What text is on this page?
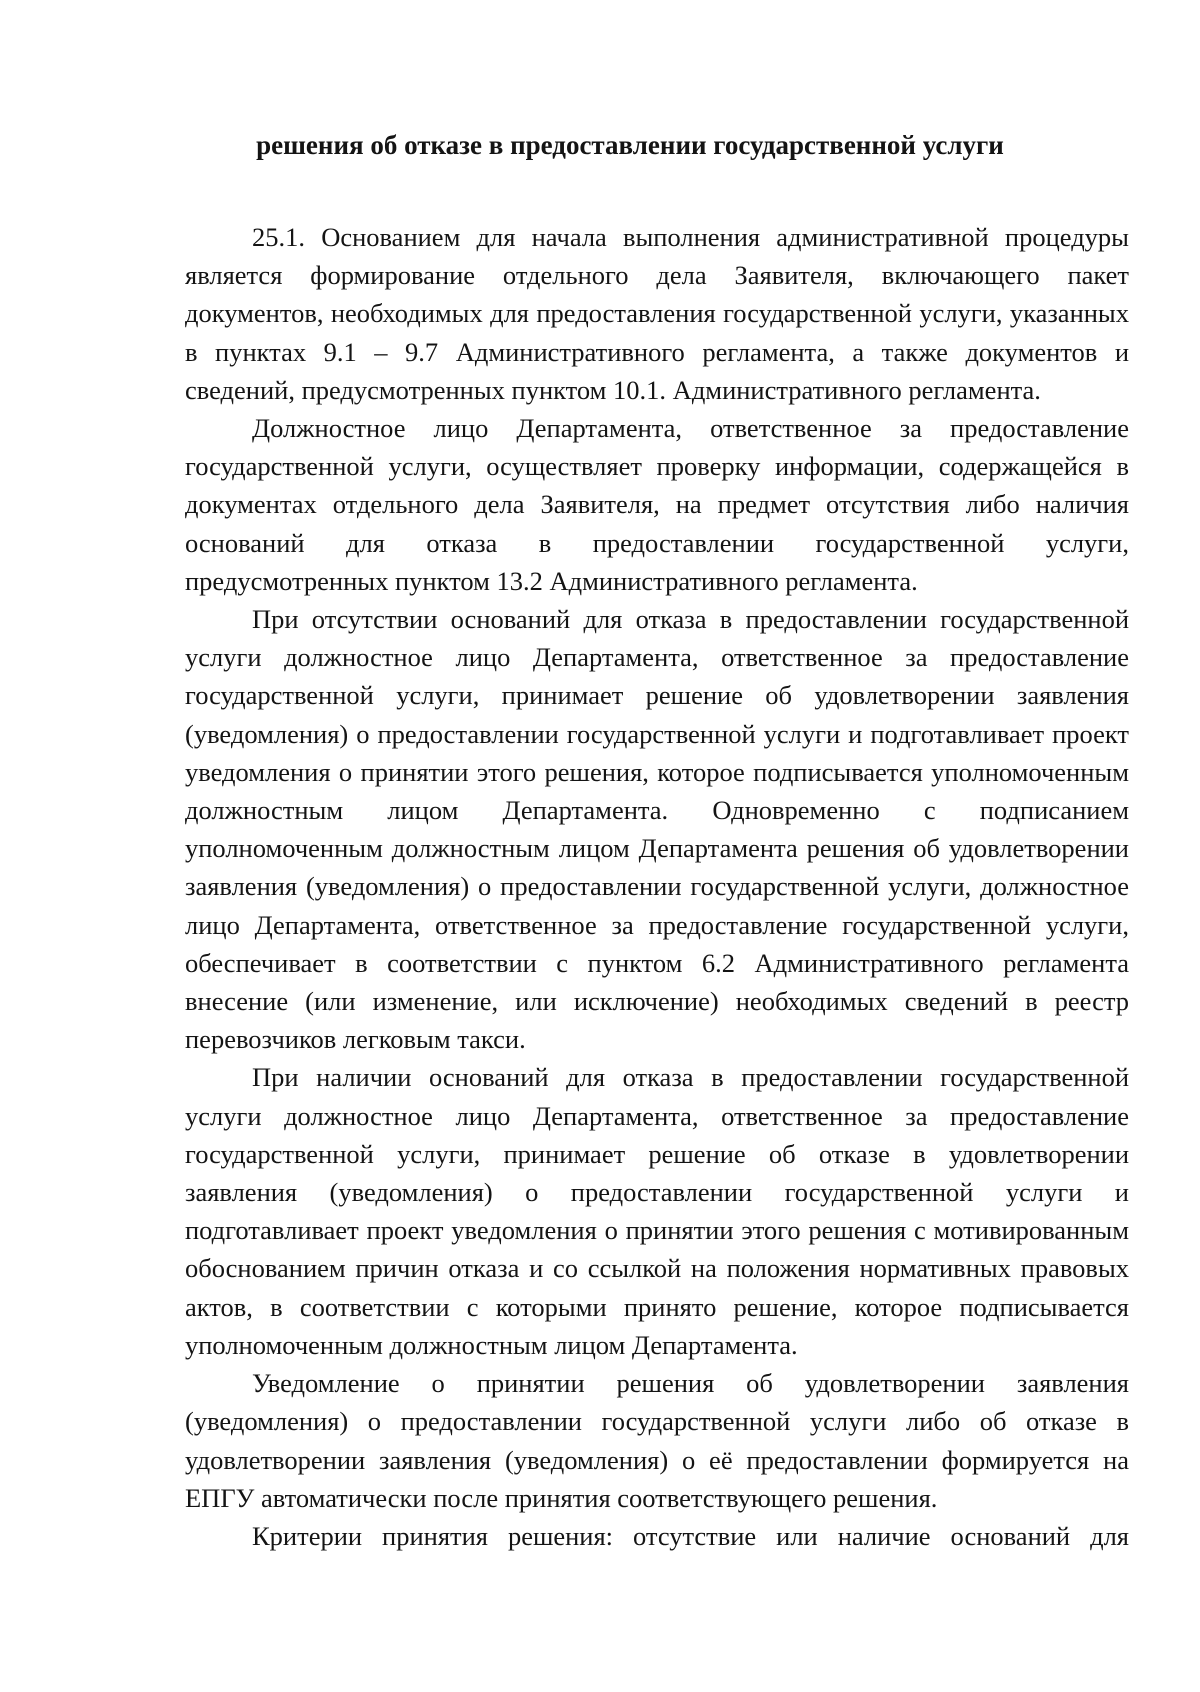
решения об отказе в предоставлении государственной услуги

25.1. Основанием для начала выполнения административной процедуры является формирование отдельного дела Заявителя, включающего пакет документов, необходимых для предоставления государственной услуги, указанных в пунктах 9.1 – 9.7 Административного регламента, а также документов и сведений, предусмотренных пунктом 10.1. Административного регламента.

Должностное лицо Департамента, ответственное за предоставление государственной услуги, осуществляет проверку информации, содержащейся в документах отдельного дела Заявителя, на предмет отсутствия либо наличия оснований для отказа в предоставлении государственной услуги, предусмотренных пунктом 13.2 Административного регламента.

При отсутствии оснований для отказа в предоставлении государственной услуги должностное лицо Департамента, ответственное за предоставление государственной услуги, принимает решение об удовлетворении заявления (уведомления) о предоставлении государственной услуги и подготавливает проект уведомления о принятии этого решения, которое подписывается уполномоченным должностным лицом Департамента. Одновременно с подписанием уполномоченным должностным лицом Департамента решения об удовлетворении заявления (уведомления) о предоставлении государственной услуги, должностное лицо Департамента, ответственное за предоставление государственной услуги, обеспечивает в соответствии с пунктом 6.2 Административного регламента внесение (или изменение, или исключение) необходимых сведений в реестр перевозчиков легковым такси.

При наличии оснований для отказа в предоставлении государственной услуги должностное лицо Департамента, ответственное за предоставление государственной услуги, принимает решение об отказе в удовлетворении заявления (уведомления) о предоставлении государственной услуги и подготавливает проект уведомления о принятии этого решения с мотивированным обоснованием причин отказа и со ссылкой на положения нормативных правовых актов, в соответствии с которыми принято решение, которое подписывается уполномоченным должностным лицом Департамента.

Уведомление о принятии решения об удовлетворении заявления (уведомления) о предоставлении государственной услуги либо об отказе в удовлетворении заявления (уведомления) о её предоставлении формируется на ЕПГУ автоматически после принятия соответствующего решения.

Критерии принятия решения: отсутствие или наличие оснований для
